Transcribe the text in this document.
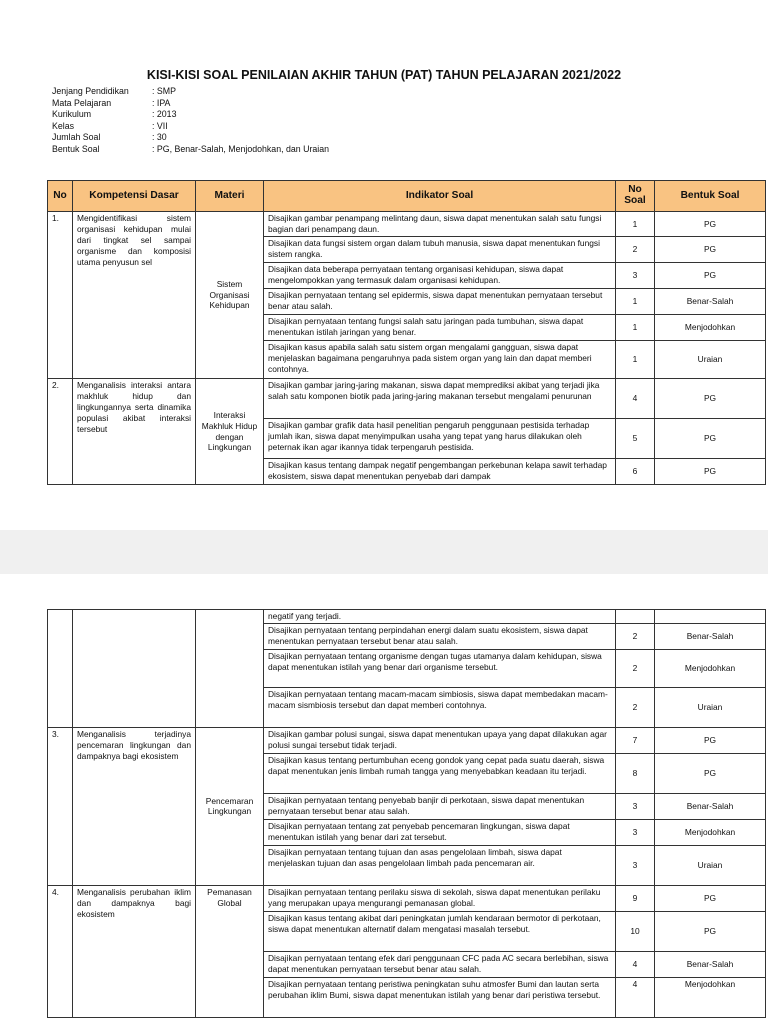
KISI-KISI SOAL PENILAIAN AKHIR TAHUN (PAT) TAHUN PELAJARAN 2021/2022
Jenjang Pendidikan	: SMP
Mata Pelajaran	: IPA
Kurikulum	: 2013
Kelas	: VII
Jumlah Soal	: 30
Bentuk Soal	: PG, Benar-Salah, Menjodohkan, dan Uraian
No	Kompetensi Dasar	Materi	Indikator Soal	No Soal	Bentuk Soal
1.	Mengidentifikasi sistem organisasi kehidupan mulai dari tingkat sel sampai organisme dan komposisi utama penyusun sel	Sistem Organisasi Kehidupan	Disajikan gambar penampang melintang daun, siswa dapat menentukan salah satu fungsi bagian dari penampang daun.	1	PG
			Disajikan data fungsi sistem organ dalam tubuh manusia, siswa dapat menentukan fungsi sistem rangka.	2	PG
			Disajikan data beberapa pernyataan tentang organisasi kehidupan, siswa dapat mengelompokkan yang termasuk dalam organisasi kehidupan.	3	PG
			Disajikan pernyataan tentang sel epidermis, siswa dapat menentukan pernyataan tersebut benar atau salah.	1	Benar-Salah
			Disajikan pernyataan tentang fungsi salah satu jaringan pada tumbuhan, siswa dapat menentukan istilah jaringan yang benar.	1	Menjodohkan
			Disajikan kasus apabila salah satu sistem organ mengalami gangguan, siswa dapat menjelaskan bagaimana pengaruhnya pada sistem organ yang lain dan dapat memberi contohnya.	1	Uraian
2.	Menganalisis interaksi antara makhluk hidup dan lingkungannya serta dinamika populasi akibat interaksi tersebut	Interaksi Makhluk Hidup dengan Lingkungan	Disajikan gambar jaring-jaring makanan, siswa dapat memprediksi akibat yang terjadi jika salah satu komponen biotik pada jaring-jaring makanan tersebut mengalami penurunan	4	PG
			Disajikan gambar grafik data hasil penelitian pengaruh penggunaan pestisida terhadap jumlah ikan, siswa dapat menyimpulkan usaha yang tepat yang harus dilakukan oleh peternak ikan agar ikannya tidak terpengaruh pestisida.	5	PG
			Disajikan kasus tentang dampak negatif pengembangan perkebunan kelapa sawit terhadap ekosistem, siswa dapat menentukan penyebab dari dampak	6	PG
			negatif yang terjadi.		
			Disajikan pernyataan tentang perpindahan energi dalam suatu ekosistem, siswa dapat menentukan pernyataan tersebut benar atau salah.	2	Benar-Salah
			Disajikan pernyataan tentang organisme dengan tugas utamanya dalam kehidupan, siswa dapat menentukan istilah yang benar dari organisme tersebut.	2	Menjodohkan
			Disajikan pernyataan tentang macam-macam simbiosis, siswa dapat membedakan macam-macam sismbiosis tersebut dan dapat memberi contohnya.	2	Uraian
3.	Menganalisis terjadinya pencemaran lingkungan dan dampaknya bagi ekosistem	Pencemaran Lingkungan	Disajikan gambar polusi sungai, siswa dapat menentukan upaya yang dapat dilakukan agar polusi sungai tersebut tidak terjadi.	7	PG
			Disajikan kasus tentang pertumbuhan eceng gondok yang cepat pada suatu daerah, siswa dapat menentukan jenis limbah rumah tangga yang menyebabkan keadaan itu terjadi.	8	PG
			Disajikan pernyataan tentang penyebab banjir di perkotaan, siswa dapat menentukan pernyataan tersebut benar atau salah.	3	Benar-Salah
			Disajikan pernyataan tentang zat penyebab pencemaran lingkungan, siswa dapat menentukan istilah yang benar dari zat tersebut.	3	Menjodohkan
			Disajikan pernyataan tentang tujuan dan asas pengelolaan limbah, siswa dapat menjelaskan tujuan dan asas pengelolaan limbah pada pencemaran air.	3	Uraian
4.	Menganalisis perubahan iklim dan dampaknya bagi ekosistem	Pemanasan Global	Disajikan pernyataan tentang perilaku siswa di sekolah, siswa dapat menentukan perilaku yang merupakan upaya mengurangi pemanasan global.	9	PG
			Disajikan kasus tentang akibat dari peningkatan jumlah kendaraan bermotor di perkotaan, siswa dapat menentukan alternatif dalam mengatasi masalah tersebut.	10	PG
			Disajikan pernyataan tentang efek dari penggunaan CFC pada AC secara berlebihan, siswa dapat menentukan pernyataan tersebut benar atau salah.	4	Benar-Salah
			Disajikan pernyataan tentang peristiwa peningkatan suhu atmosfer Bumi dan lautan serta perubahan iklim Bumi, siswa dapat menentukan istilah yang benar dari peristiwa tersebut.	4	Menjodohkan
